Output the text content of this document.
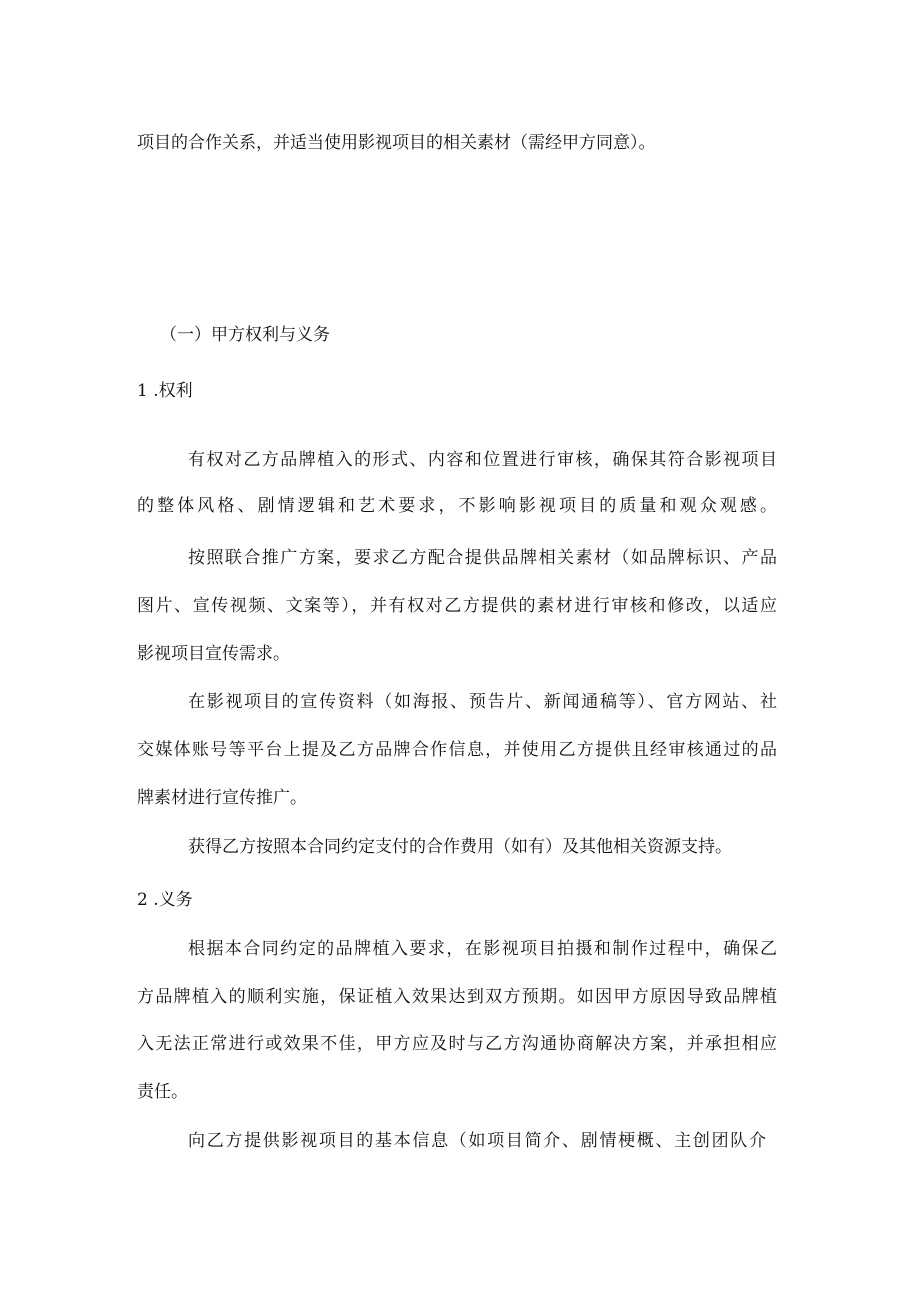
项目的合作关系，并适当使用影视项目的相关素材（需经甲方同意）。
（一）甲方权利与义务
1 .权利
有权对乙方品牌植入的形式、内容和位置进行审核，确保其符合影视项目
的整体风格、剧情逻辑和艺术要求，不影响影视项目的质量和观众观感。
按照联合推广方案，要求乙方配合提供品牌相关素材（如品牌标识、产品
图片、宣传视频、文案等），并有权对乙方提供的素材进行审核和修改，以适应
影视项目宣传需求。
在影视项目的宣传资料（如海报、预告片、新闻通稿等）、官方网站、社
交媒体账号等平台上提及乙方品牌合作信息，并使用乙方提供且经审核通过的品
牌素材进行宣传推广。
获得乙方按照本合同约定支付的合作费用（如有）及其他相关资源支持。
2 .义务
根据本合同约定的品牌植入要求，在影视项目拍摄和制作过程中，确保乙
方品牌植入的顺利实施，保证植入效果达到双方预期。如因甲方原因导致品牌植
入无法正常进行或效果不佳，甲方应及时与乙方沟通协商解决方案，并承担相应
责任。
向乙方提供影视项目的基本信息（如项目简介、剧情梗概、主创团队介
